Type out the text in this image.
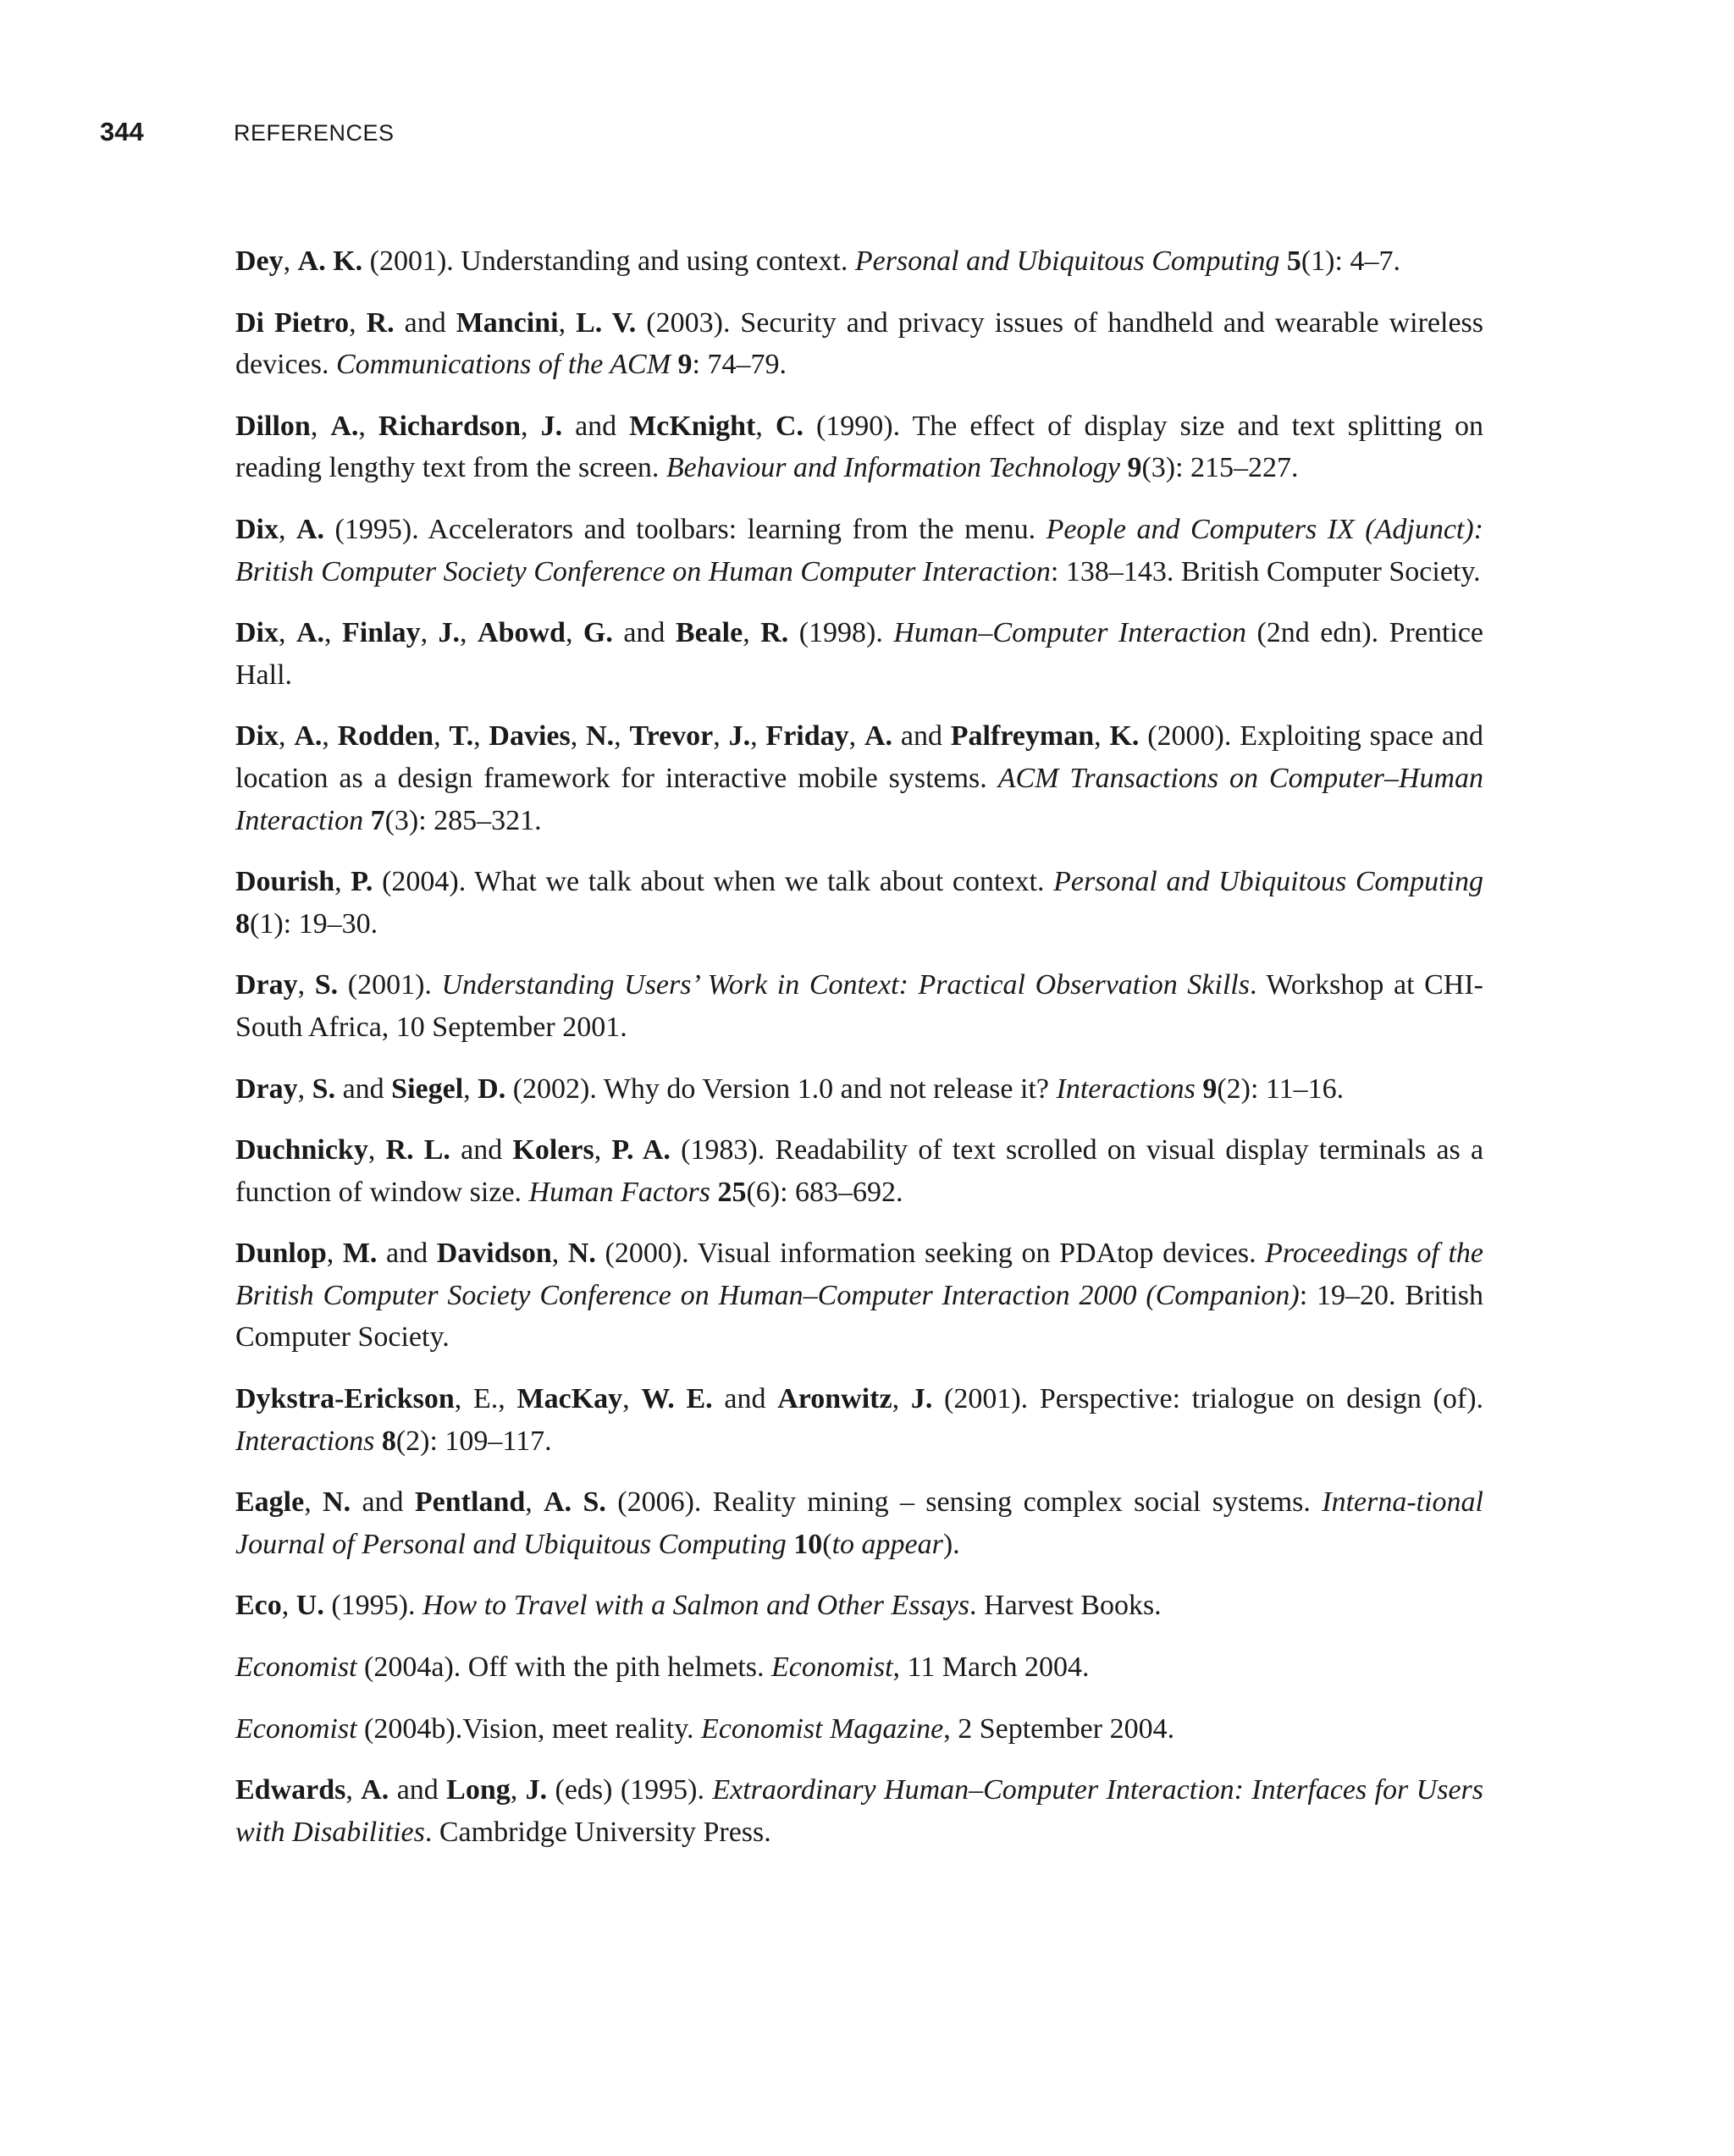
344	REFERENCES
Dey, A. K. (2001). Understanding and using context. Personal and Ubiquitous Computing 5(1): 4–7.
Di Pietro, R. and Mancini, L. V. (2003). Security and privacy issues of handheld and wearable wireless devices. Communications of the ACM 9: 74–79.
Dillon, A., Richardson, J. and McKnight, C. (1990). The effect of display size and text splitting on reading lengthy text from the screen. Behaviour and Information Technology 9(3): 215–227.
Dix, A. (1995). Accelerators and toolbars: learning from the menu. People and Computers IX (Adjunct): British Computer Society Conference on Human Computer Interaction: 138–143. British Computer Society.
Dix, A., Finlay, J., Abowd, G. and Beale, R. (1998). Human–Computer Interaction (2nd edn). Prentice Hall.
Dix, A., Rodden, T., Davies, N., Trevor, J., Friday, A. and Palfreyman, K. (2000). Exploiting space and location as a design framework for interactive mobile systems. ACM Transactions on Computer–Human Interaction 7(3): 285–321.
Dourish, P. (2004). What we talk about when we talk about context. Personal and Ubiquitous Computing 8(1): 19–30.
Dray, S. (2001). Understanding Users’ Work in Context: Practical Observation Skills. Workshop at CHI-South Africa, 10 September 2001.
Dray, S. and Siegel, D. (2002). Why do Version 1.0 and not release it? Interactions 9(2): 11–16.
Duchnicky, R. L. and Kolers, P. A. (1983). Readability of text scrolled on visual display terminals as a function of window size. Human Factors 25(6): 683–692.
Dunlop, M. and Davidson, N. (2000). Visual information seeking on PDAtop devices. Proceedings of the British Computer Society Conference on Human–Computer Interaction 2000 (Companion): 19–20. British Computer Society.
Dykstra-Erickson, E., MacKay, W. E. and Aronwitz, J. (2001). Perspective: trialogue on design (of). Interactions 8(2): 109–117.
Eagle, N. and Pentland, A. S. (2006). Reality mining – sensing complex social systems. Interna-tional Journal of Personal and Ubiquitous Computing 10(to appear).
Eco, U. (1995). How to Travel with a Salmon and Other Essays. Harvest Books.
Economist (2004a). Off with the pith helmets. Economist, 11 March 2004.
Economist (2004b).Vision, meet reality. Economist Magazine, 2 September 2004.
Edwards, A. and Long, J. (eds) (1995). Extraordinary Human–Computer Interaction: Interfaces for Users with Disabilities. Cambridge University Press.
